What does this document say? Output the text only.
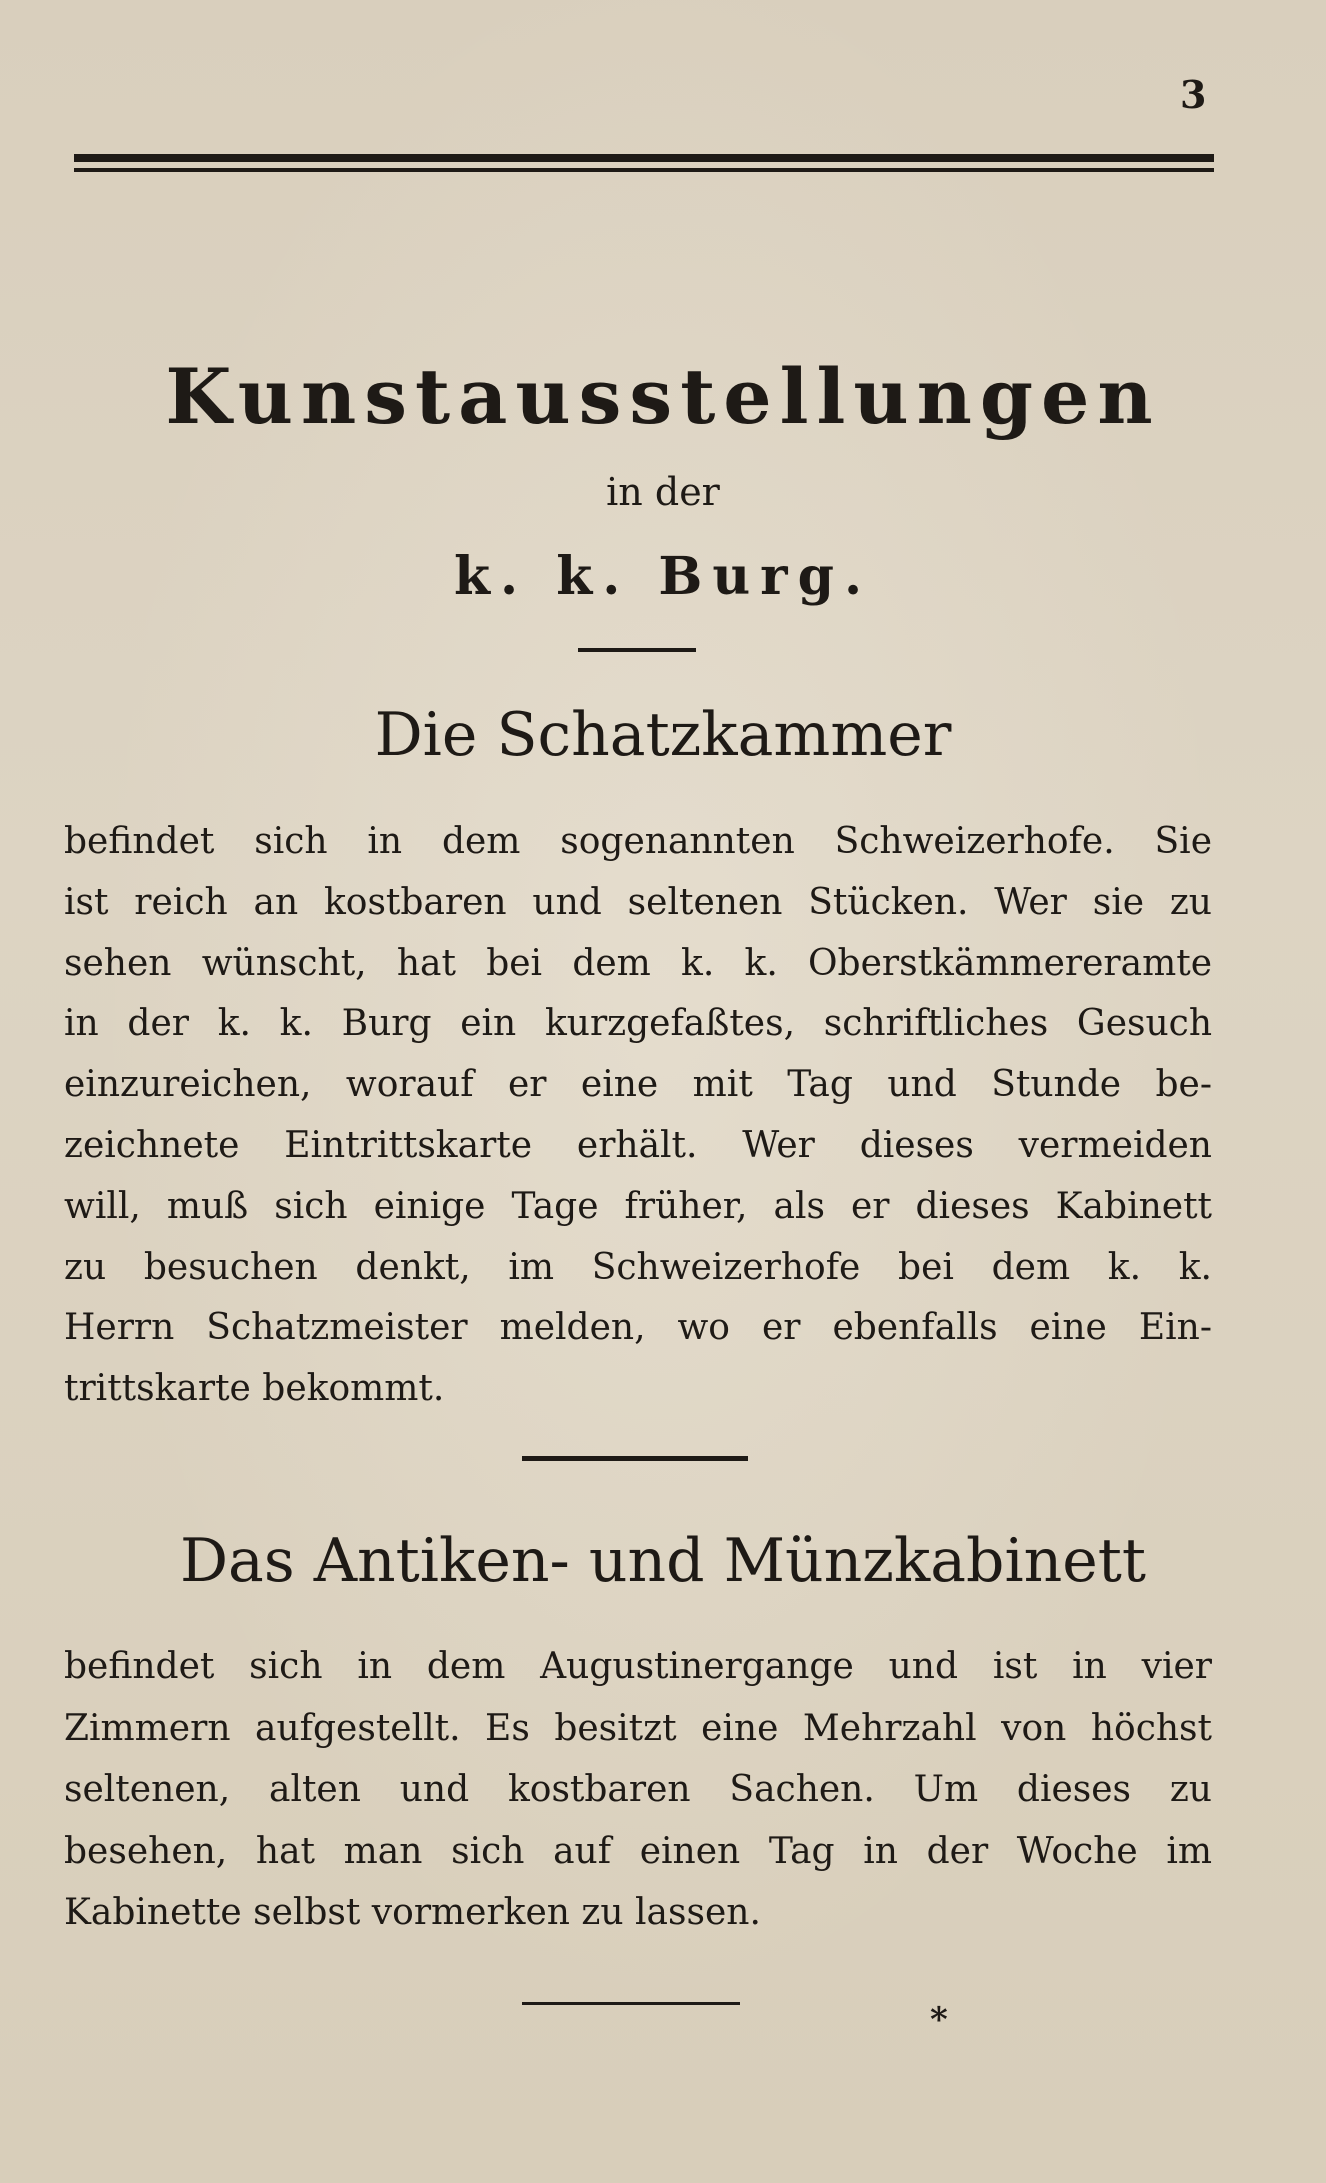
3
Kunstausstellungen
in der
k. k. Burg.
Die Schatzkammer
befindet sich in dem sogenannten Schweizerhofe. Sie
ist reich an kostbaren und seltenen Stücken. Wer sie zu
sehen wünscht, hat bei dem k. k. Oberstkämmereramte
in der k. k. Burg ein kurzgefaßtes, schriftliches Gesuch
einzureichen, worauf er eine mit Tag und Stunde be-
zeichnete Eintrittskarte erhält. Wer dieses vermeiden
will, muß sich einige Tage früher, als er dieses Kabinett
zu besuchen denkt, im Schweizerhofe bei dem k. k.
Herrn Schatzmeister melden, wo er ebenfalls eine Ein-
trittskarte bekommt.
Das Antiken- und Münzkabinett
befindet sich in dem Augustinergange und ist in vier
Zimmern aufgestellt. Es besitzt eine Mehrzahl von höchst
seltenen, alten und kostbaren Sachen. Um dieses zu
besehen, hat man sich auf einen Tag in der Woche im
Kabinette selbst vormerken zu lassen.
*
